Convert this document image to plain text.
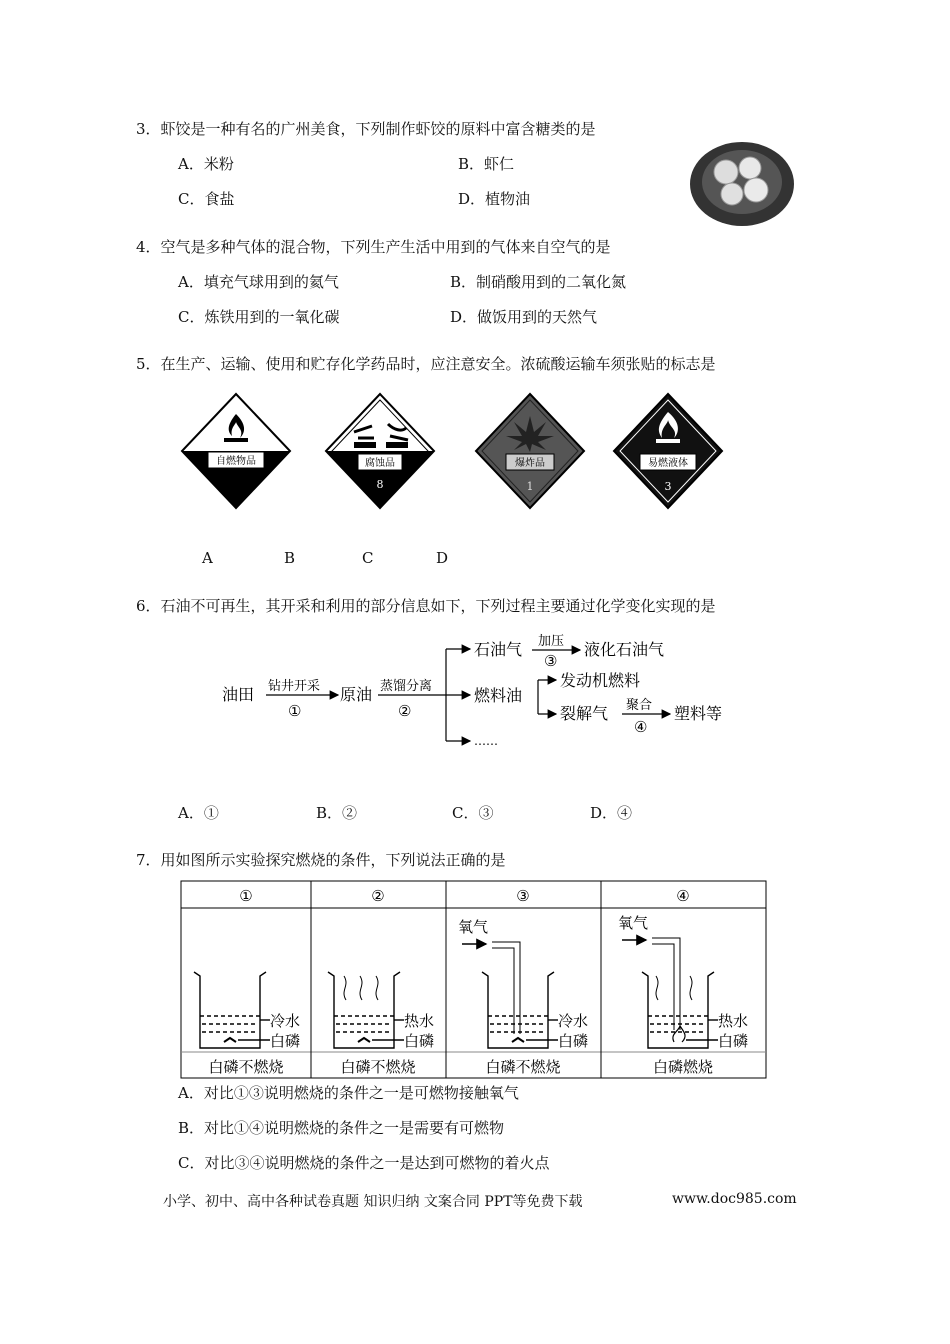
3．虾饺是一种有名的广州美食，下列制作虾饺的原料中富含糖类的是
A．米粉	B．虾仁
C．食盐	D．植物油
4．空气是多种气体的混合物，下列生产生活中用到的气体来自空气的是
A．填充气球用到的氦气	B．制硝酸用到的二氧化氮
C．炼铁用到的一氧化碳	D．做饭用到的天然气
5．在生产、运输、使用和贮存化学药品时，应注意安全。浓硫酸运输车须张贴的标志是
自燃物品	腐蚀品
8
爆炸品
1
易燃液体
3
A	B	C	D
6．石油不可再生，其开采和利用的部分信息如下，下列过程主要通过化学变化实现的是
油田 钻井开采
①
原油 蒸馏分离
②
石油气 加压
③
液化石油气
燃料油
发动机燃料
裂解气 聚合
④
塑料等
……
A．①	B．②	C．③	D．④
7．用如图所示实验探究燃烧的条件，下列说法正确的是
①	②	③	④
冷水
白磷
热水
白磷
氧气
冷水
白磷
氧气
热水
白磷
白磷不燃烧	白磷不燃烧	白磷不燃烧	白磷燃烧
A．对比①③说明燃烧的条件之一是可燃物接触氧气
B．对比①④说明燃烧的条件之一是需要有可燃物
C．对比③④说明燃烧的条件之一是达到可燃物的着火点
小学、初中、高中各种试卷真题 知识归纳 文案合同 PPT等免费下载	www.doc985.com
